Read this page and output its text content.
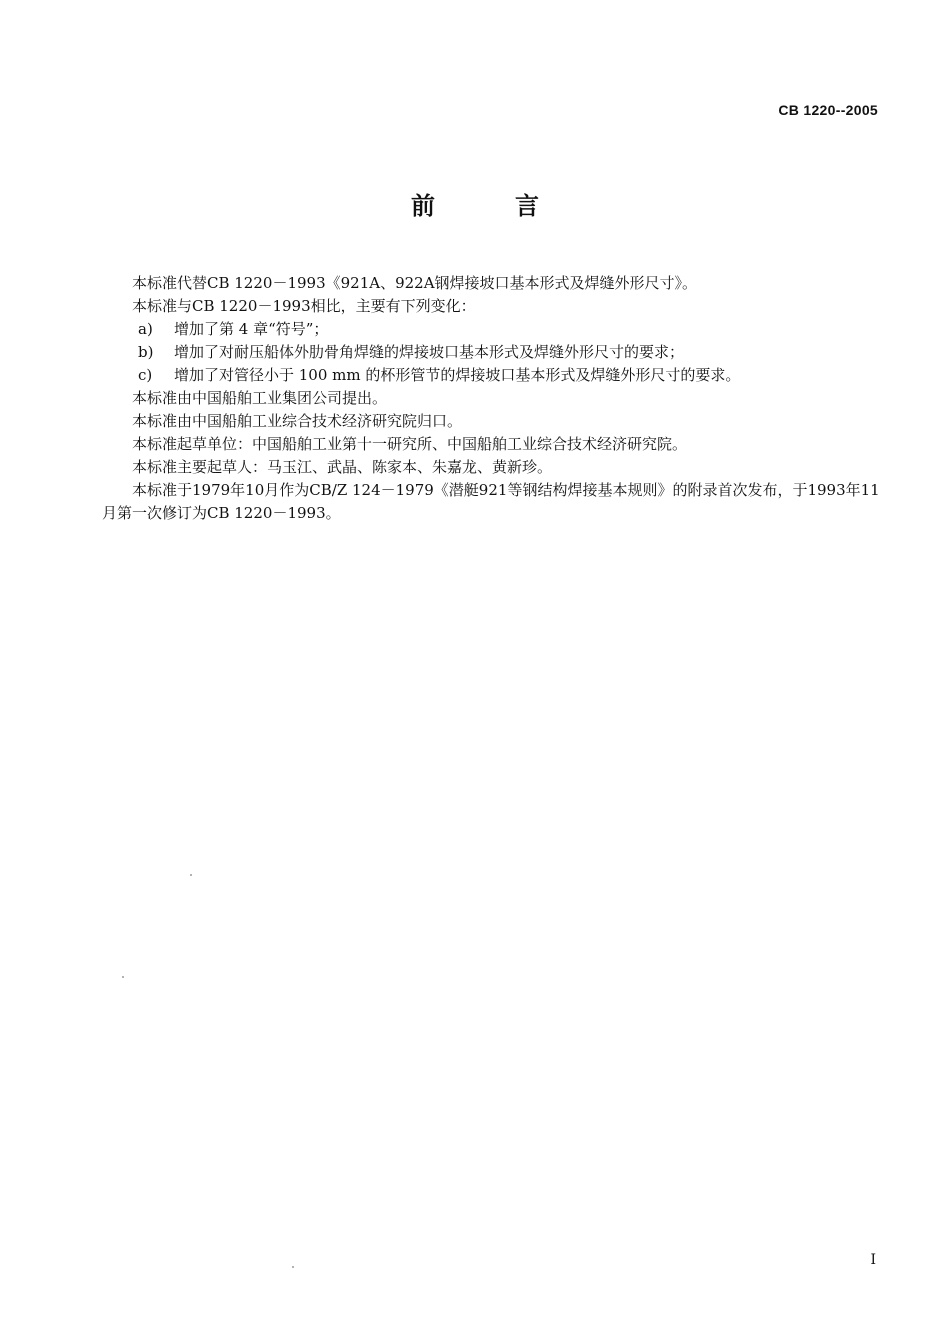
CB 1220--2005
前　言

本标准代替CB 1220－1993《921A、922A钢焊接坡口基本形式及焊缝外形尺寸》。

本标准与CB 1220－1993相比，主要有下列变化：

a) 增加了第 4 章“符号”；

b) 增加了对耐压船体外肋骨角焊缝的焊接坡口基本形式及焊缝外形尺寸的要求；

c) 增加了对管径小于 100 mm 的杯形管节的焊接坡口基本形式及焊缝外形尺寸的要求。

本标准由中国船舶工业集团公司提出。

本标准由中国船舶工业综合技术经济研究院归口。

本标准起草单位：中国船舶工业第十一研究所、中国船舶工业综合技术经济研究院。

本标准主要起草人：马玉江、武晶、陈家本、朱嘉龙、黄新珍。

本标准于1979年10月作为CB/Z 124－1979《潜艇921等钢结构焊接基本规则》的附录首次发布，于1993年11月第一次修订为CB 1220－1993。

I
